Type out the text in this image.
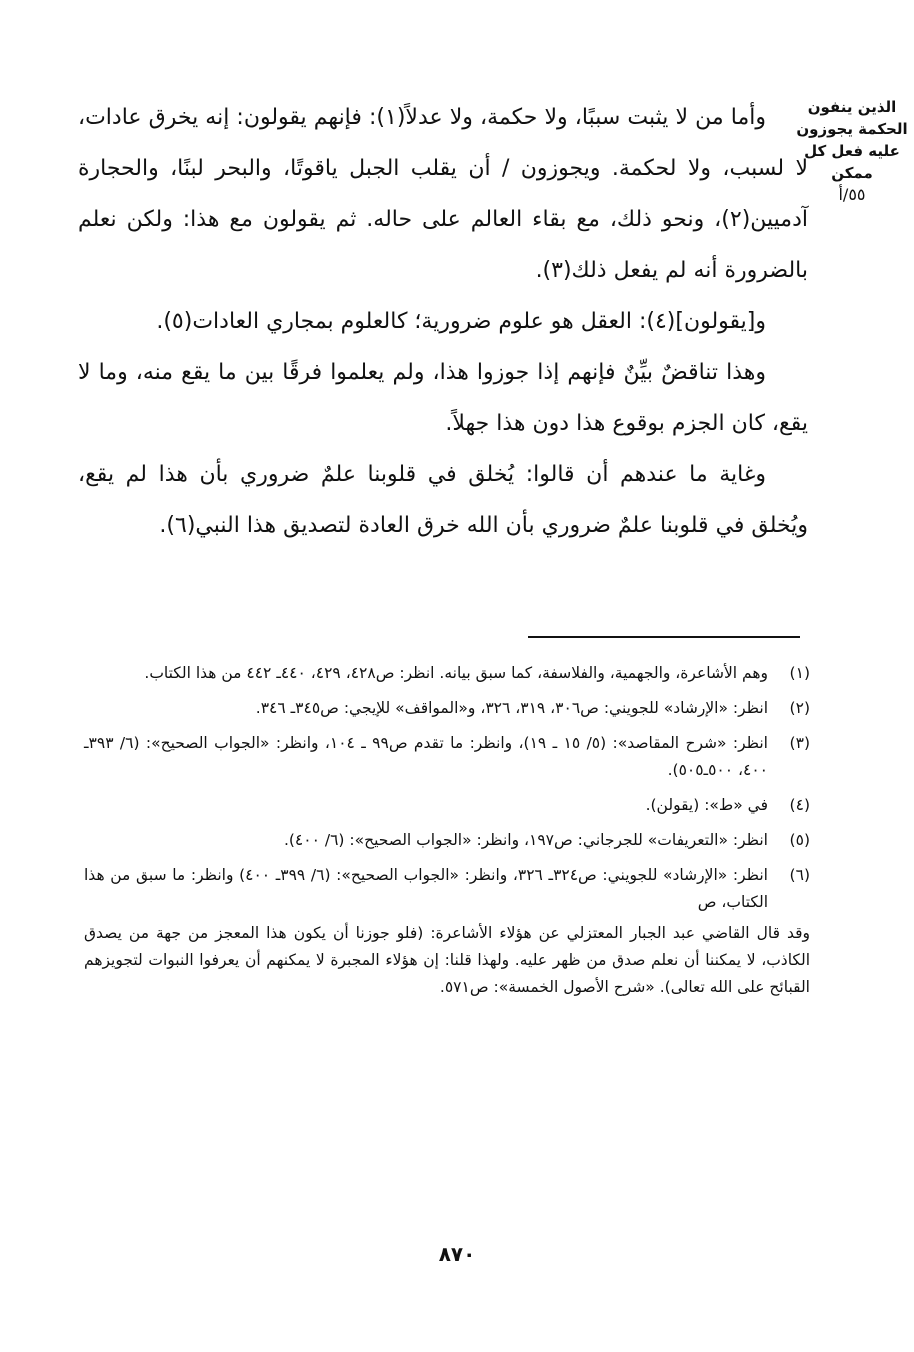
الذين ينفون
الحكمة يجوزون
عليه فعل كل ممكن
٥٥/أ

وأما من لا يثبت سببًا، ولا حكمة، ولا عدلاً(١): فإنهم يقولون: إنه يخرق عادات، لا لسبب، ولا لحكمة. ويجوزون / أن يقلب الجبل ياقوتًا، والبحر لبنًا، والحجارة آدميين(٢)، ونحو ذلك، مع بقاء العالم على حاله. ثم يقولون مع هذا: ولكن نعلم بالضرورة أنه لم يفعل ذلك(٣).

و[يقولون](٤): العقل هو علوم ضرورية؛ كالعلوم بمجاري العادات(٥).

وهذا تناقضٌ بيِّنٌ فإنهم إذا جوزوا هذا، ولم يعلموا فرقًا بين ما يقع منه، وما لا يقع، كان الجزم بوقوع هذا دون هذا جهلاً.

وغاية ما عندهم أن قالوا: يُخلق في قلوبنا علمٌ ضروري بأن هذا لم يقع، ويُخلق في قلوبنا علمٌ ضروري بأن الله خرق العادة لتصديق هذا النبي(٦).

(١)
وهم الأشاعرة، والجهمية، والفلاسفة، كما سبق بيانه. انظر: ص٤٢٨، ٤٢٩، ٤٤٠ـ ٤٤٢ من هذا الكتاب.
(٢)
انظر: «الإرشاد» للجويني: ص٣٠٦، ٣١٩، ٣٢٦، و«المواقف» للإيجي: ص٣٤٥ـ ٣٤٦.
(٣)
انظر: «شرح المقاصد»: (٥/ ١٥ ـ ١٩)، وانظر: ما تقدم ص٩٩ ـ ١٠٤، وانظر: «الجواب الصحيح»: (٦/ ٣٩٣ـ ٤٠٠، ٥٠٠ـ٥٠٥).
(٤)
في «ط»: (يقولن).
(٥)
انظر: «التعريفات» للجرجاني: ص١٩٧، وانظر: «الجواب الصحيح»: (٦/ ٤٠٠).
(٦)
انظر: «الإرشاد» للجويني: ص٣٢٤ـ ٣٢٦، وانظر: «الجواب الصحيح»: (٦/ ٣٩٩ـ ٤٠٠) وانظر: ما سبق من هذا الكتاب، ص
وقد قال القاضي عبد الجبار المعتزلي عن هؤلاء الأشاعرة: (فلو جوزنا أن يكون هذا المعجز من جهة من يصدق الكاذب، لا يمكننا أن نعلم صدق من ظهر عليه. ولهذا قلنا: إن هؤلاء المجبرة لا يمكنهم أن يعرفوا النبوات لتجويزهم القبائح على الله تعالى). «شرح الأصول الخمسة»: ص٥٧١.
٨٧٠
